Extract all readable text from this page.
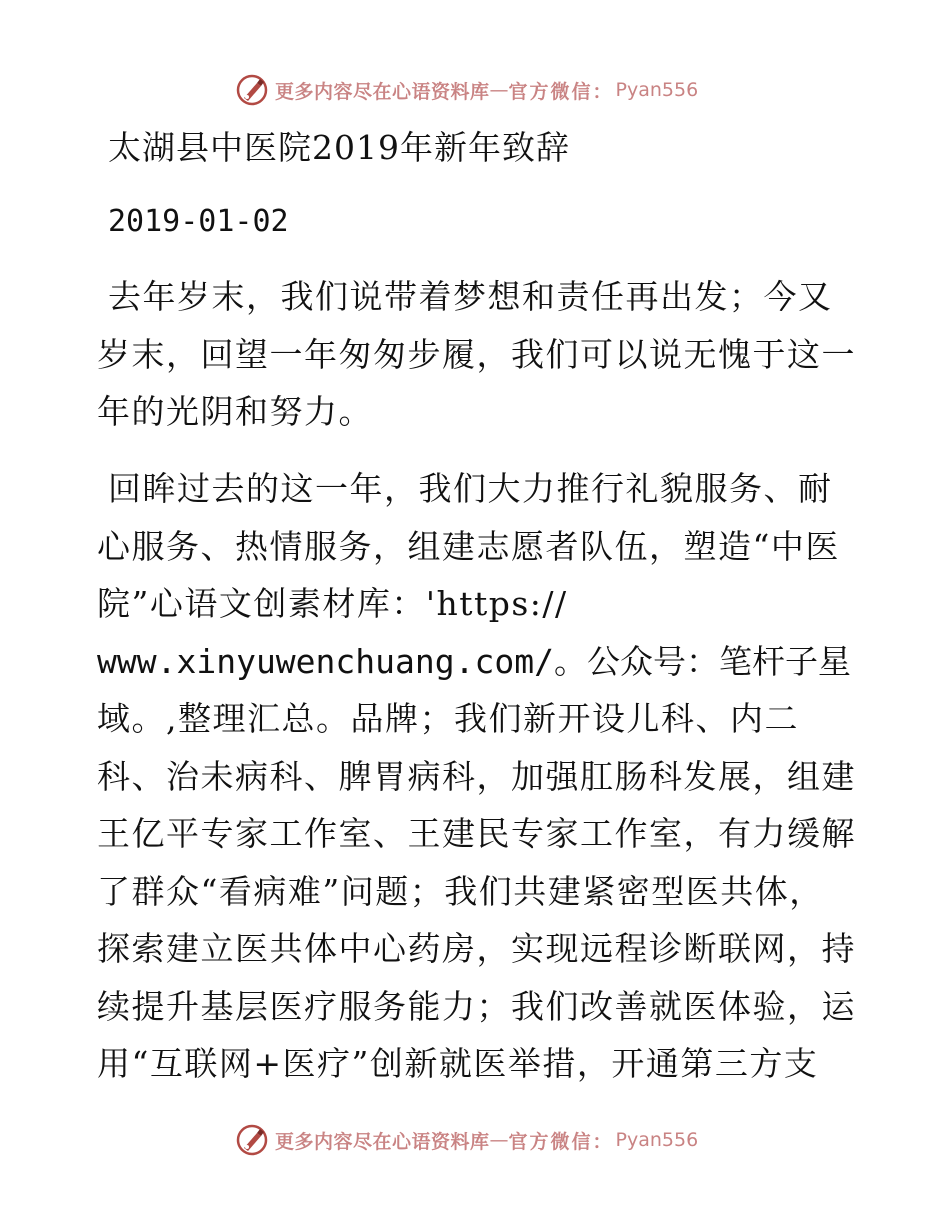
更多内容尽在心语资料库 — 官方微信： Pyan556
太湖县中医院2019年新年致辞
2019-01-02
去年岁末，我们说带着梦想和责任再出发；今又
岁末，回望一年匆匆步履，我们可以说无愧于这一
年的光阴和努力。
回眸过去的这一年，我们大力推行礼貌服务、耐
心服务、热情服务，组建志愿者队伍，塑造“中医
院”心语文创素材库：'https://
www.xinyuwenchuang.com/。公众号：笔杆子星
域。,整理汇总。品牌；我们新开设儿科、内二
科、治未病科、脾胃病科，加强肛肠科发展，组建
王亿平专家工作室、王建民专家工作室，有力缓解
了群众“看病难”问题；我们共建紧密型医共体，
探索建立医共体中心药房，实现远程诊断联网，持
续提升基层医疗服务能力；我们改善就医体验，运
用“互联网+医疗”创新就医举措，开通第三方支
更多内容尽在心语资料库 — 官方微信： Pyan556
